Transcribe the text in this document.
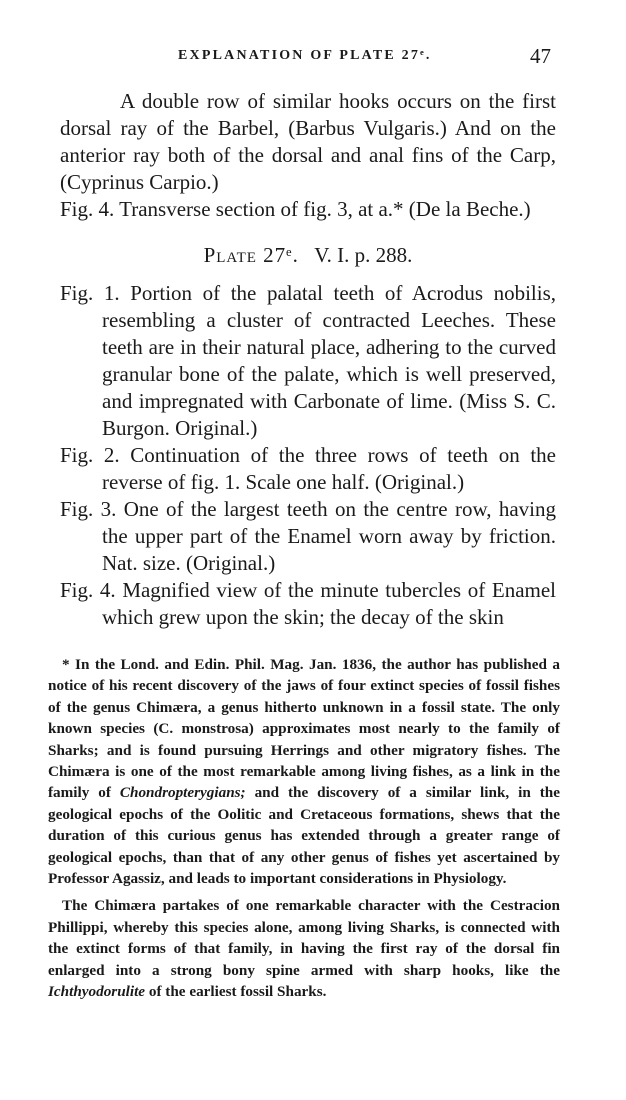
EXPLANATION OF PLATE 27ᵉ.	47

A double row of similar hooks occurs on the first dorsal ray of the Barbel, (Barbus Vulgaris.) And on the anterior ray both of the dorsal and anal fins of the Carp, (Cyprinus Carpio.)

Fig. 4. Transverse section of fig. 3, at a.* (De la Beche.)

Plate 27ᵉ. V. I. p. 288.

Fig. 1. Portion of the palatal teeth of Acrodus nobilis, resembling a cluster of contracted Leeches. These teeth are in their natural place, adhering to the curved granular bone of the palate, which is well preserved, and impregnated with Carbonate of lime. (Miss S. C. Burgon. Original.)

Fig. 2. Continuation of the three rows of teeth on the reverse of fig. 1. Scale one half. (Original.)

Fig. 3. One of the largest teeth on the centre row, having the upper part of the Enamel worn away by friction. Nat. size. (Original.)

Fig. 4. Magnified view of the minute tubercles of Enamel which grew upon the skin; the decay of the skin

* In the Lond. and Edin. Phil. Mag. Jan. 1836, the author has published a notice of his recent discovery of the jaws of four extinct species of fossil fishes of the genus Chimæra, a genus hitherto unknown in a fossil state. The only known species (C. monstrosa) approximates most nearly to the family of Sharks; and is found pursuing Herrings and other migratory fishes. The Chimæra is one of the most remarkable among living fishes, as a link in the family of Chondropterygians; and the discovery of a similar link, in the geological epochs of the Oolitic and Cretaceous formations, shews that the duration of this curious genus has extended through a greater range of geological epochs, than that of any other genus of fishes yet ascertained by Professor Agassiz, and leads to important considerations in Physiology.

The Chimæra partakes of one remarkable character with the Cestracion Phillippi, whereby this species alone, among living Sharks, is connected with the extinct forms of that family, in having the first ray of the dorsal fin enlarged into a strong bony spine armed with sharp hooks, like the Ichthyodorulite of the earliest fossil Sharks.
